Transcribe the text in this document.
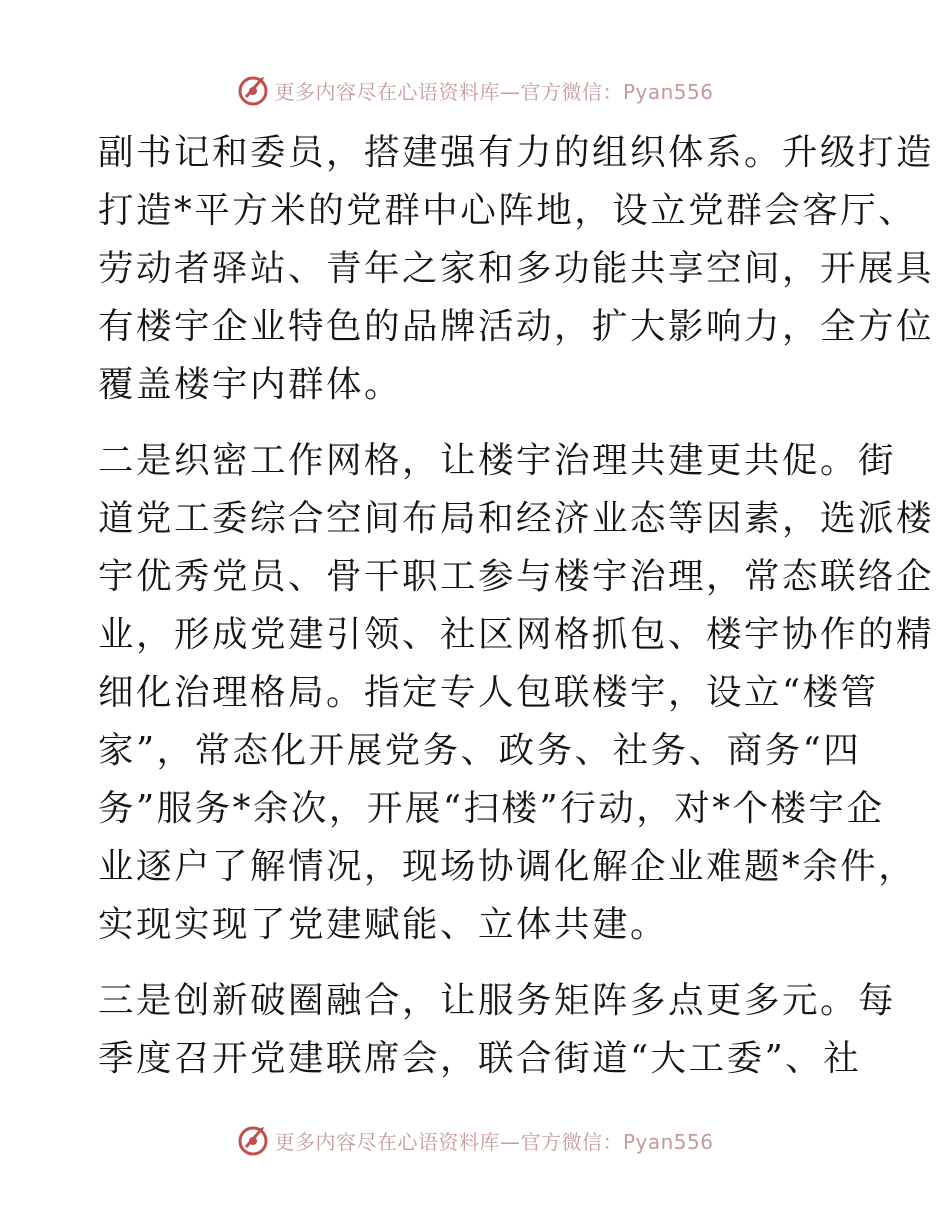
更多内容尽在心语资料库—官方微信：Pyan556
副书记和委员，搭建强有力的组织体系。升级打造
打造*平方米的党群中心阵地，设立党群会客厅、
劳动者驿站、青年之家和多功能共享空间，开展具
有楼宇企业特色的品牌活动，扩大影响力，全方位
覆盖楼宇内群体。
二是织密工作网格，让楼宇治理共建更共促。街
道党工委综合空间布局和经济业态等因素，选派楼
宇优秀党员、骨干职工参与楼宇治理，常态联络企
业，形成党建引领、社区网格抓包、楼宇协作的精
细化治理格局。指定专人包联楼宇，设立“楼管
家”，常态化开展党务、政务、社务、商务“四
务”服务*余次，开展“扫楼”行动，对*个楼宇企
业逐户了解情况，现场协调化解企业难题*余件，
实现实现了党建赋能、立体共建。
三是创新破圈融合，让服务矩阵多点更多元。每
季度召开党建联席会，联合街道“大工委”、社
更多内容尽在心语资料库—官方微信：Pyan556
